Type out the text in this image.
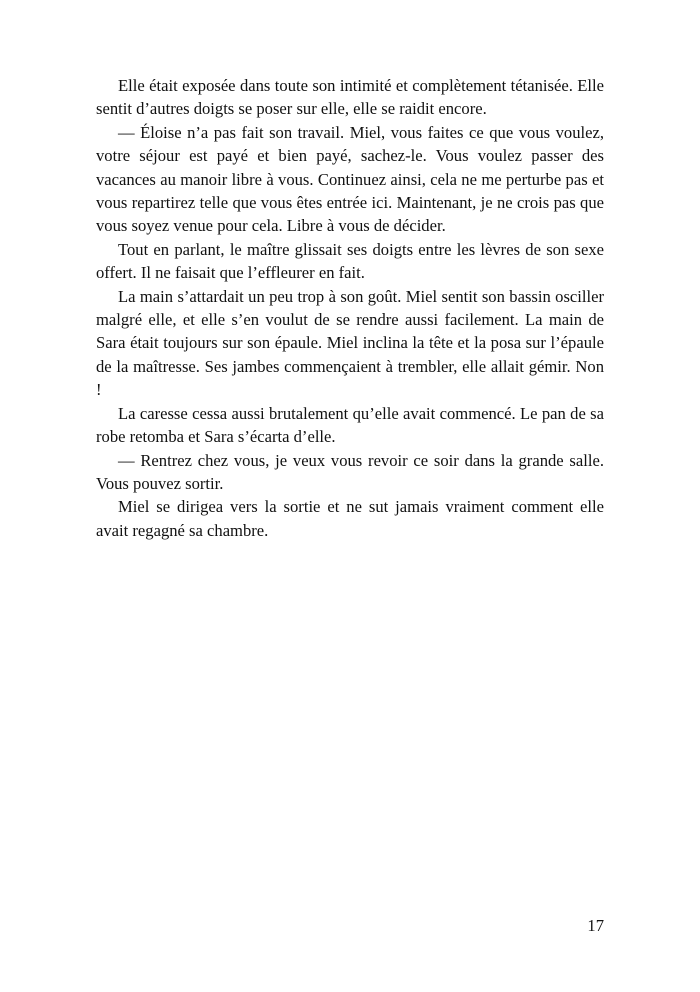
Elle était exposée dans toute son intimité et complètement tétanisée. Elle sentit d’autres doigts se poser sur elle, elle se raidit encore.

— Éloise n’a pas fait son travail. Miel, vous faites ce que vous voulez, votre séjour est payé et bien payé, sachez-le. Vous voulez passer des vacances au manoir libre à vous. Continuez ainsi, cela ne me perturbe pas et vous repartirez telle que vous êtes entrée ici. Maintenant, je ne crois pas que vous soyez venue pour cela. Libre à vous de décider.

Tout en parlant, le maître glissait ses doigts entre les lèvres de son sexe offert. Il ne faisait que l’effleurer en fait.

La main s’attardait un peu trop à son goût. Miel sentit son bassin osciller malgré elle, et elle s’en voulut de se rendre aussi facilement. La main de Sara était toujours sur son épaule. Miel inclina la tête et la posa sur l’épaule de la maîtresse. Ses jambes commençaient à trembler, elle allait gémir. Non !

La caresse cessa aussi brutalement qu’elle avait commencé. Le pan de sa robe retomba et Sara s’écarta d’elle.

— Rentrez chez vous, je veux vous revoir ce soir dans la grande salle. Vous pouvez sortir.

Miel se dirigea vers la sortie et ne sut jamais vraiment comment elle avait regagné sa chambre.

17
